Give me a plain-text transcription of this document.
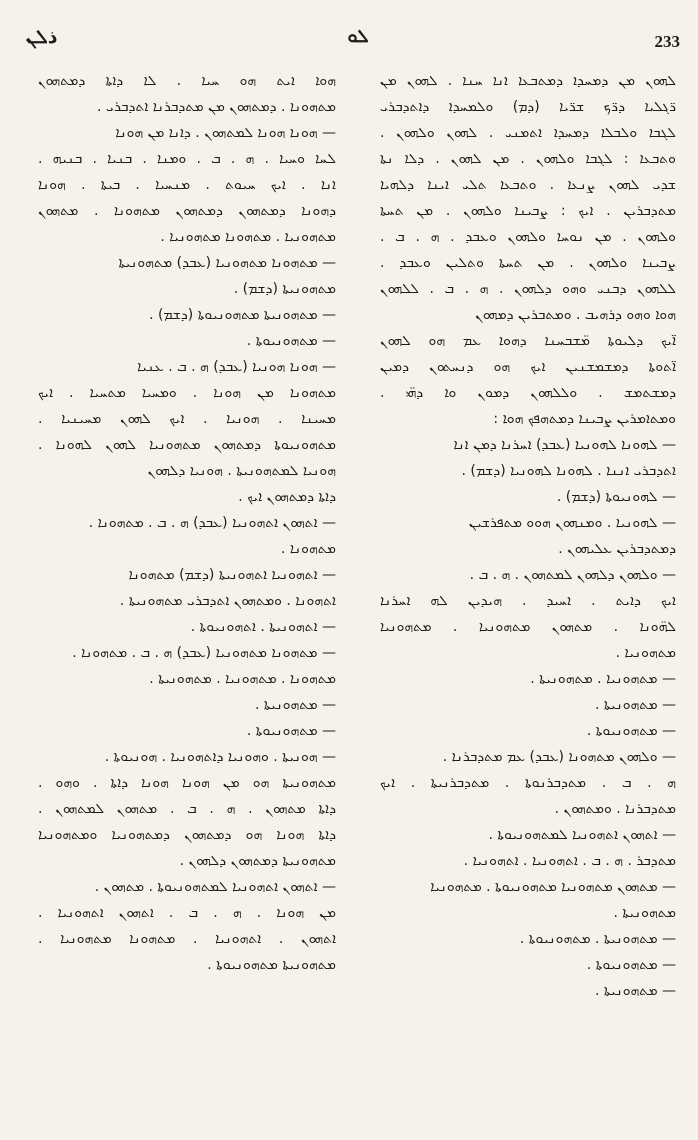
ذܠܢ	ܠܘ	233
ܠܗܘܢ ܡܢ ܕܡܚܕܐ ܕܡܬܒܥܐ ܐܢܐ ܚܢܐ . ܠܗܘܢ ܡܢ
ܪ̈ܓܠܝܐ ܕܪ̈ܟ ܫܪ̈ܝܐ (ܕܡ) ܘܠܡܚܕܐ ܕܐܬܕܒܪܝ
ܠܓܒܐ ܘܠܒܠܐ ܕܡܚܕܐ ܐܬܡܢܝ . ܠܗܘܢ ܘܠܗܘܢ .
ܘܬܒܥܐ : ܠܓܒܐ ܘܠܗܘܢ . ܡܢ ܠܗܘܢ . ܕܠܐ ܢܬܐ
ܫܕܝ ܠܗܘܢ ܨܢܥܐ . ܘܬܒܥܐ ܬܠܝ ܐܝܢܐ ܕܠܗܝܐ
ܡܬܕܒܪܝܢ . ܐܝܟ : ܨܒܝܢܐ ܘܠܗܘܢ . ܡܢ ܬܚܬܐ
ܘܠܗܘܢ . ܡܢ ܢܘܚܐ ܘܠܗܘܢ ܘܥܒܕ . ܗ . ܒ .
ܨܒܝܢܐ ܘܠܗܘܢ . ܡܢ ܬܚܬܐ ܘܬܠܝܢ ܘܥܒܕ .
ܠܠܗܘܢ ܕܒܢܝ ܘܗܘ ܕܠܗܘܢ . ܗ . ܒ . ܠܠܗܘܢ
ܗܘܐ ܘܗܘ ܕܪܗܝܒ . ܘܡܬܒܪܝܢ ܕܡܗܘܢ
ܐ̈ܝܟ ܕܠܝܘܬܐ ܡ̈ܫܒܚܢܐ ܕܗܘܐ ܥܡ ܗܘ ܠܗܘܢ
ܐ̈ܬܘܬܐ ܕܡܫܡܫܢܝܢ ܐܝܟ ܗܘ ܕܢܚܬܘܢ ܕܡܝܢ
ܕܡܫܬܡܫ . ܘܠܠܗܘܢ ܕܡܘܢ ܘܐ ܕܗ̈ܝ .
ܘܡܬܐܡܪܝܢ ܨܒܝܢܐ ܕܡܬܗܦܟ ܗܘܐ :
— ܠܗܘܢܐ ܠܗܘܢܝܐ (ܥܒܕ) ܐܚܪܢܐ ܕܡܢ ܐܢܐ
ܐܬܕܒܪܝ ܐܢܢܐ . ܠܗܘܢܐ ܠܗܘܢܝܐ (ܕܫܡ) .
— ܠܗܘܢܝܘܬܐ (ܕܫܡ) .
— ܠܗܘܢܝܐ . ܘܡܢܗܘܢ ܗܘܘ ܡܬܦܪܫܝܢ
ܕܡܬܕܒܪܝܢ ܥܠܝܗܘܢ .
— ܘܠܗܘܢ ܕܠܗܘܢ ܠܡܬܗܘܢ . ܗ . ܒ .
ܐܝܟ ܕܐܝܬ . ܐܚܝܕ . ܗܝܕܝܢ ܠܗ ܐܚܪܢܐ
ܠܗ̈ܘܢܐ . ܡܬܗܘܢ ܡܬܗܘܢܝܐ . ܡܬܗܘܢܝܐ
ܡܬܗܘܢܝܐ .
— ܡܬܗܘܢܝܐ . ܡܬܗܘܢܝܬܐ .
— ܡܬܗܘܢܝܬܐ .
— ܡܬܗܘܢܝܘܬܐ .
— ܘܠܗܘܢ ܡܬܗܘܢܐ (ܥܒܕ) ܥܡ ܡܬܕܒܪܢܐ .
ܗ . ܒ . ܡܬܕܒܪܢܘܬܐ . ܡܬܕܒܪܢܝܬܐ . ܐܝܟ
ܡܬܕܒܪܢܐ . ܘܡܬܗܘܢ .
— ܐܬܗܘܢ ܐܬܗܘܢܝܐ ܠܡܬܗܘܢܝܘܬܐ .
ܡܬܕܒܪ . ܗ . ܒ . ܐܬܗܘܢܝܐ . ܐܬܗܘܢܝܐ .
— ܡܬܗܘܢ ܡܬܗܘܢܝܐ ܡܬܗܘܢܝܘܬܐ . ܡܬܗܘܢܝܐ
ܡܬܗܘܢܝܬܐ .
— ܡܬܗܘܢܝܬܐ . ܡܬܗܘܢܝܘܬܐ .
— ܡܬܗܘܢܝܘܬܐ .
— ܡܬܗܘܢܝܬܐ .
ܗܘܐ ܐܝܬ ܗܘ ܚܝܐ . ܠܐ ܕܐܬܐ ܕܡܬܗܘܢ
ܡܬܗܘܢܐ . ܕܡܬܗܘܢ ܡܢ ܡܬܕܒܪܢܐ ܐܬܕܒܪܝ .
— ܗܘܢܐ ܗܘܢܐ ܠܡܬܗܘܢ . ܕܐܢܐ ܡܢ ܗܘܢܐ
ܠܚܐ ܘܚܝܐ . ܗ . ܒ . ܘܡܢܐ . ܒܢܝܐ . ܒܢܝܗ .
ܐܢܐ . ܐܝܟ ܚܝܘܬ . ܡܢܚܝܐ . ܒܝܬܐ . ܗܘܢܐ
ܕܗܘܢܐ ܕܡܬܗܘܢ ܕܡܬܗܘܢ ܡܬܗܘܢܐ . ܡܬܗܘܢ
ܡܬܗܘܢܝܐ . ܡܬܗܘܢܐ ܡܬܗܘܢܝܐ .
— ܡܬܗܘܢܐ ܡܬܗܘܢܝܐ (ܥܒܕ) ܡܬܗܘܢܝܬܐ
ܡܬܗܘܢܝܬܐ (ܕܫܡ) .
— ܡܬܗܘܢܝܬܐ ܡܬܗܘܢܝܘܬܐ (ܕܫܡ) .
— ܡܬܗܘܢܝܘܬܐ .
— ܗܘܢܐ ܗܘܢܝܐ (ܥܒܕ) ܗ . ܒ . ܥܢܝܐ
ܡܬܗܘܢܐ ܡܢ ܗܘܢܐ . ܘܡܚܝܐ ܡܬܚܝܐ . ܐܝܟ
ܡܚܝܢܐ . ܗܘܢܝܐ . ܐܝܟ ܠܗܘܢ ܡܚܝܢܝܐ .
ܡܬܗܘܢܝܘܬܐ ܕܡܬܗܘܢ ܡܬܗܘܢܝܐ ܠܗܘܢ ܠܗܘܢܐ .
ܗܘܢܝܐ ܠܡܬܗܘܢܝܬܐ . ܗܘܢܝܐ ܕܠܗܘܢ
ܕܐܬܐ ܕܡܬܗܘܢ ܐܝܟ .
— ܐܬܗܘܢ ܐܬܗܘܢܝܐ (ܥܒܕ) ܗ . ܒ . ܡܬܗܘܢܐ .
ܡܬܗܘܢܐ .
— ܐܬܗܘܢܝܐ ܐܬܗܘܢܝܬܐ (ܕܫܡ) ܡܬܗܘܢܐ
ܐܬܗܘܢܐ . ܘܡܬܗܘܢ ܐܬܕܒܪܝ ܡܬܗܘܢܝܬܐ .
— ܐܬܗܘܢܝܬܐ . ܐܬܗܘܢܝܘܬܐ .
— ܡܬܗܘܢܐ ܡܬܗܘܢܝܐ (ܥܒܕ) ܗ . ܒ . ܡܬܗܘܢܐ .
ܡܬܗܘܢܐ . ܡܬܗܘܢܝܐ . ܡܬܗܘܢܝܬܐ .
— ܡܬܗܘܢܝܬܐ .
— ܡܬܗܘܢܝܘܬܐ .
— ܗܘܢܝܬܐ . ܘܗܘܢܝܐ ܕܐܬܗܘܢܝܐ . ܗܘܢܝܘܬܐ .
ܡܬܗܘܢܝܬܐ ܗܘ ܡܢ ܗܘܢܐ ܗܘܢܐ ܕܐܬܐ . ܘܗܘ .
ܕܐܬܐ ܡܬܗܘܢ . ܗ . ܒ . ܡܬܗܘܢ ܠܡܬܗܘܢ .
ܕܐܬܐ ܗܘܢܐ ܗܘ ܕܡܬܗܘܢ ܕܡܬܗܘܢܝܐ ܘܡܬܗܘܢܝܐ
ܡܬܗܘܢܝܬܐ ܕܡܬܗܘܢ ܕܠܗܘܢ .
— ܐܬܗܘܢ ܐܬܗܘܢܝܐ ܠܡܬܗܘܢܝܘܬܐ . ܡܬܗܘܢ .
ܡܢ ܗܘܢܐ . ܗ . ܒ . ܐܬܗܘܢ ܐܬܗܘܢܝܐ .
ܐܬܗܘܢ . ܐܬܗܘܢܝܐ . ܡܬܗܘܢܐ ܡܬܗܘܢܝܐ .
ܡܬܗܘܢܝܬܐ ܡܬܗܘܢܝܘܬܐ .
